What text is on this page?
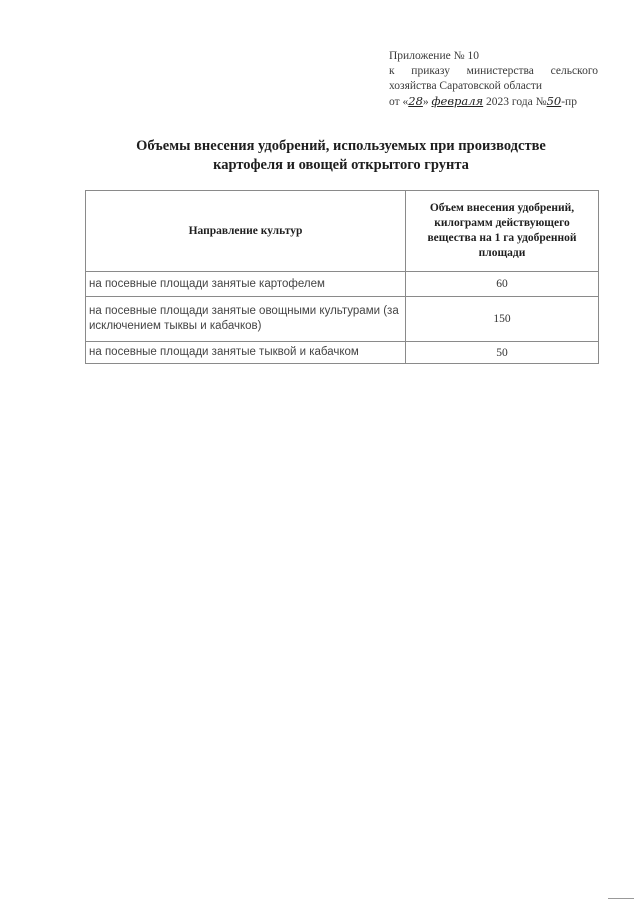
Приложение № 10
к приказу министерства сельского
хозяйства Саратовской области
от «28» февраля 2023 года №50-пр
Объемы внесения удобрений, используемых при производстве
картофеля и овощей открытого грунта
Направление культур	Объем внесения удобрений, килограмм действующего вещества на 1 га удобренной площади
на посевные площади занятые картофелем	60
на посевные площади занятые овощными культурами (за исключением тыквы и кабачков)	150
на посевные площади занятые тыквой и кабачком	50
